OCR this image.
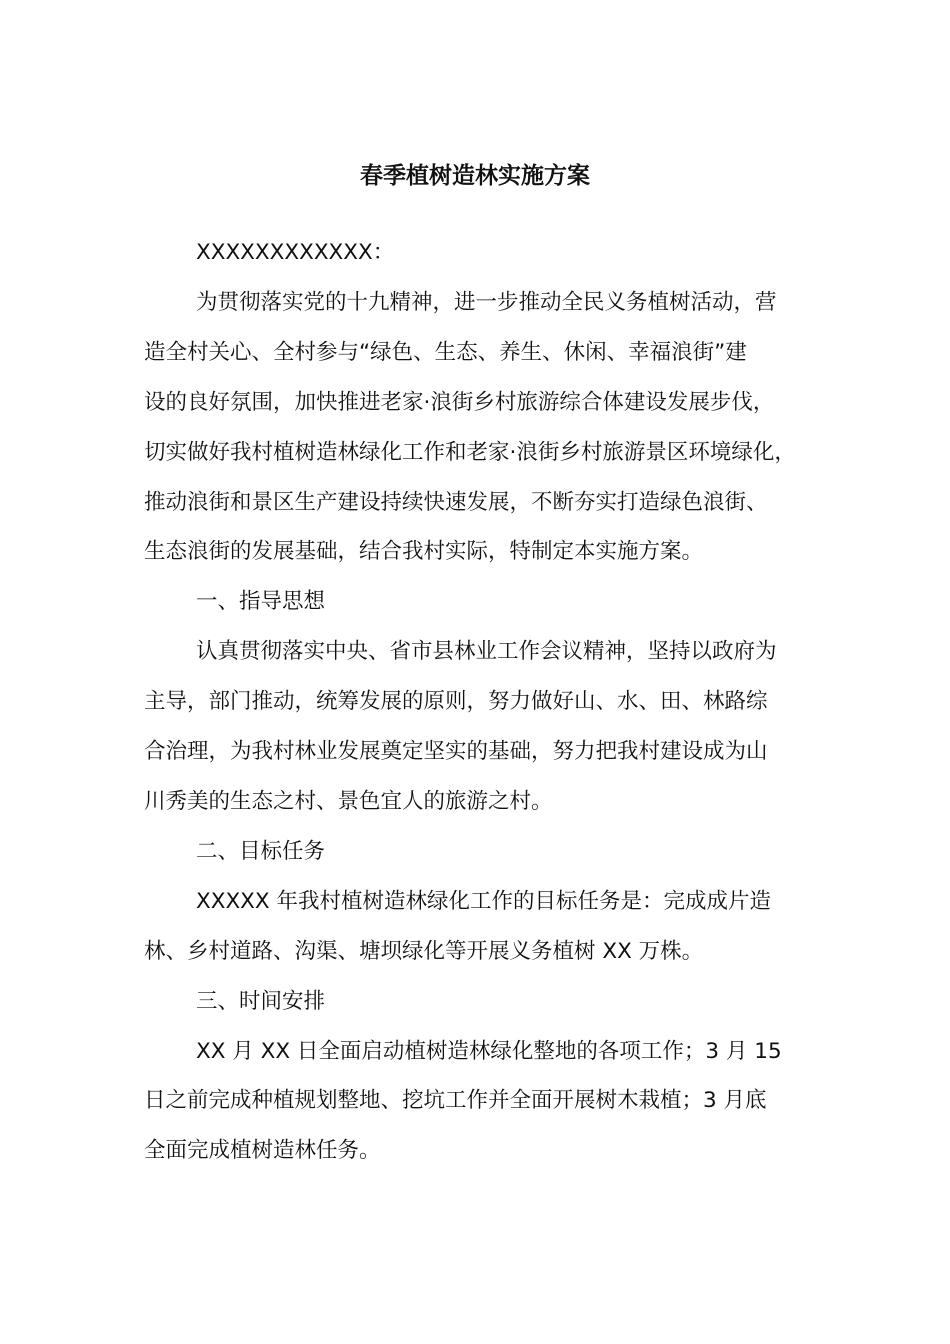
春季植树造林实施方案

XXXXXXXXXXXX：

为贯彻落实党的十九精神，进一步推动全民义务植树活动，营
造全村关心、全村参与“绿色、生态、养生、休闲、幸福浪街”建
设的良好氛围，加快推进老家·浪街乡村旅游综合体建设发展步伐，
切实做好我村植树造林绿化工作和老家·浪街乡村旅游景区环境绿化，
推动浪街和景区生产建设持续快速发展，不断夯实打造绿色浪街、
生态浪街的发展基础，结合我村实际，特制定本实施方案。

一、指导思想

认真贯彻落实中央、省市县林业工作会议精神，坚持以政府为
主导，部门推动，统筹发展的原则，努力做好山、水、田、林路综
合治理，为我村林业发展奠定坚实的基础，努力把我村建设成为山
川秀美的生态之村、景色宜人的旅游之村。

二、目标任务

XXXXX 年我村植树造林绿化工作的目标任务是：完成成片造
林、乡村道路、沟渠、塘坝绿化等开展义务植树 XX 万株。

三、时间安排

XX 月 XX 日全面启动植树造林绿化整地的各项工作；3 月 15
日之前完成种植规划整地、挖坑工作并全面开展树木栽植；3 月底
全面完成植树造林任务。
